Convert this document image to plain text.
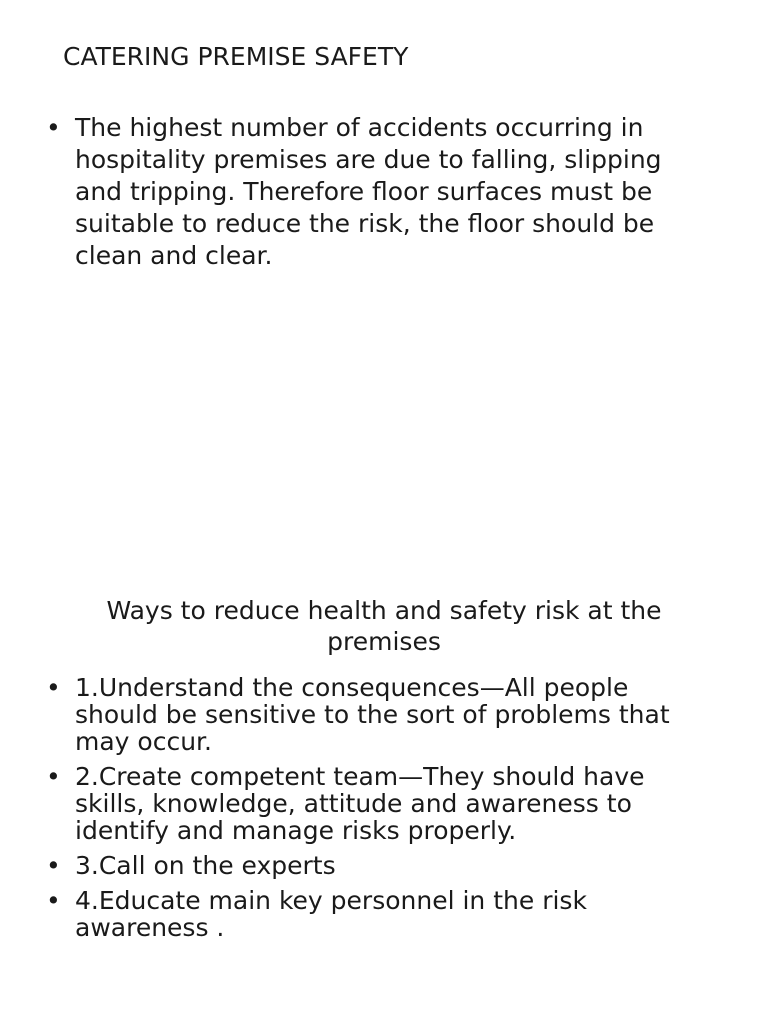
CATERING PREMISE SAFETY
• The highest number of accidents occurring in hospitality premises are due to falling, slipping and tripping. Therefore floor surfaces must be suitable to reduce the risk, the floor should be clean and clear.
Ways to reduce health and safety risk at the premises
• 1.Understand the consequences—All people should be sensitive to the sort of problems that may occur.
• 2.Create competent team—They should have skills, knowledge, attitude and awareness to identify and manage risks properly.
• 3.Call on the experts
• 4.Educate main key personnel in the risk awareness .
